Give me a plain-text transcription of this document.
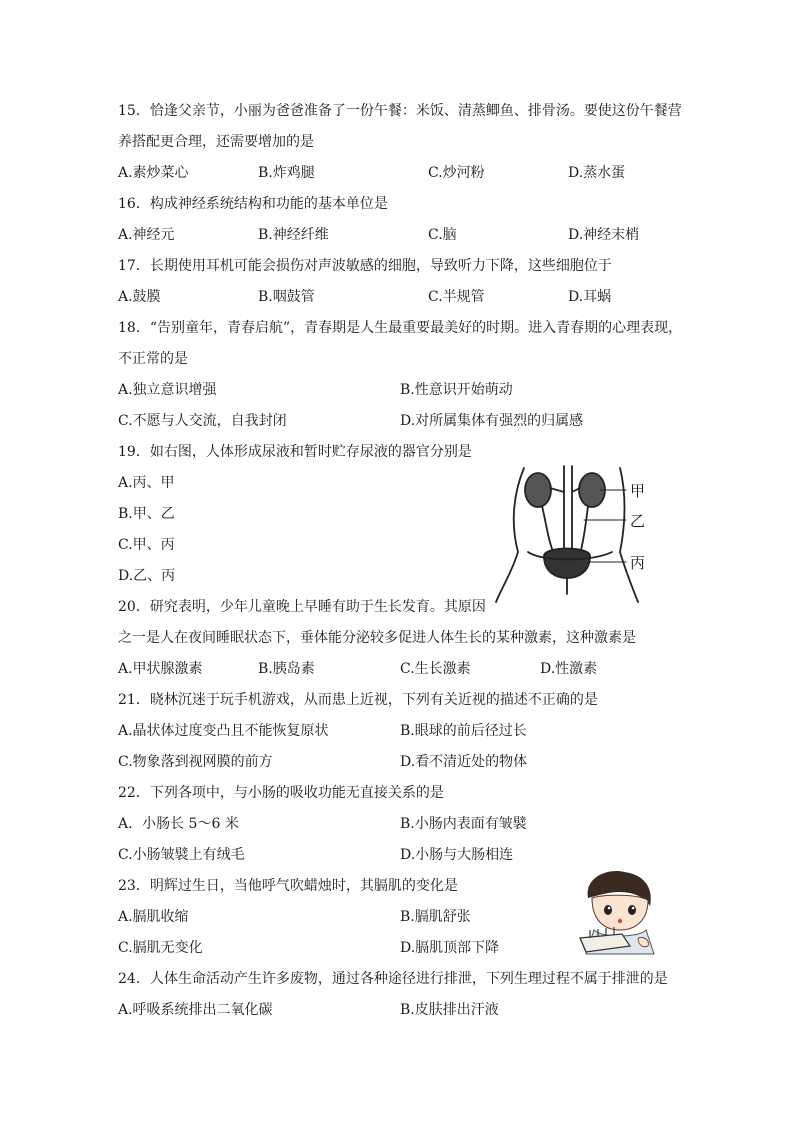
15．恰逢父亲节，小丽为爸爸准备了一份午餐：米饭、清蒸鲫鱼、排骨汤。要使这份午餐营
养搭配更合理，还需要增加的是
A.素炒菜心	B.炸鸡腿	C.炒河粉	D.蒸水蛋
16．构成神经系统结构和功能的基本单位是
A.神经元	B.神经纤维	C.脑	D.神经末梢
17．长期使用耳机可能会损伤对声波敏感的细胞，导致听力下降，这些细胞位于
A.鼓膜	B.咽鼓管	C.半规管	D.耳蜗
18．“告别童年，青春启航”，青春期是人生最重要最美好的时期。进入青春期的心理表现，
不正常的是
A.独立意识增强	B.性意识开始萌动
C.不愿与人交流，自我封闭	D.对所属集体有强烈的归属感
19．如右图，人体形成尿液和暂时贮存尿液的器官分别是
A.丙、甲
B.甲、乙
C.甲、丙
D.乙、丙
20．研究表明，少年儿童晚上早睡有助于生长发育。其原因
之一是人在夜间睡眠状态下，垂体能分泌较多促进人体生长的某种激素，这种激素是
A.甲状腺激素	B.胰岛素	C.生长激素	D.性激素
21．晓林沉迷于玩手机游戏，从而患上近视，下列有关近视的描述不正确的是
A.晶状体过度变凸且不能恢复原状	B.眼球的前后径过长
C.物象落到视网膜的前方	D.看不清近处的物体
22．下列各项中，与小肠的吸收功能无直接关系的是
A．小肠长 5～6 米	B.小肠内表面有皱襞
C.小肠皱襞上有绒毛	D.小肠与大肠相连
23．明辉过生日，当他呼气吹蜡烛时，其膈肌的变化是
A.膈肌收缩	B.膈肌舒张
C.膈肌无变化	D.膈肌顶部下降
24．人体生命活动产生许多废物，通过各种途径进行排泄，下列生理过程不属于排泄的是
A.呼吸系统排出二氧化碳	B.皮肤排出汗液
甲
乙
丙
